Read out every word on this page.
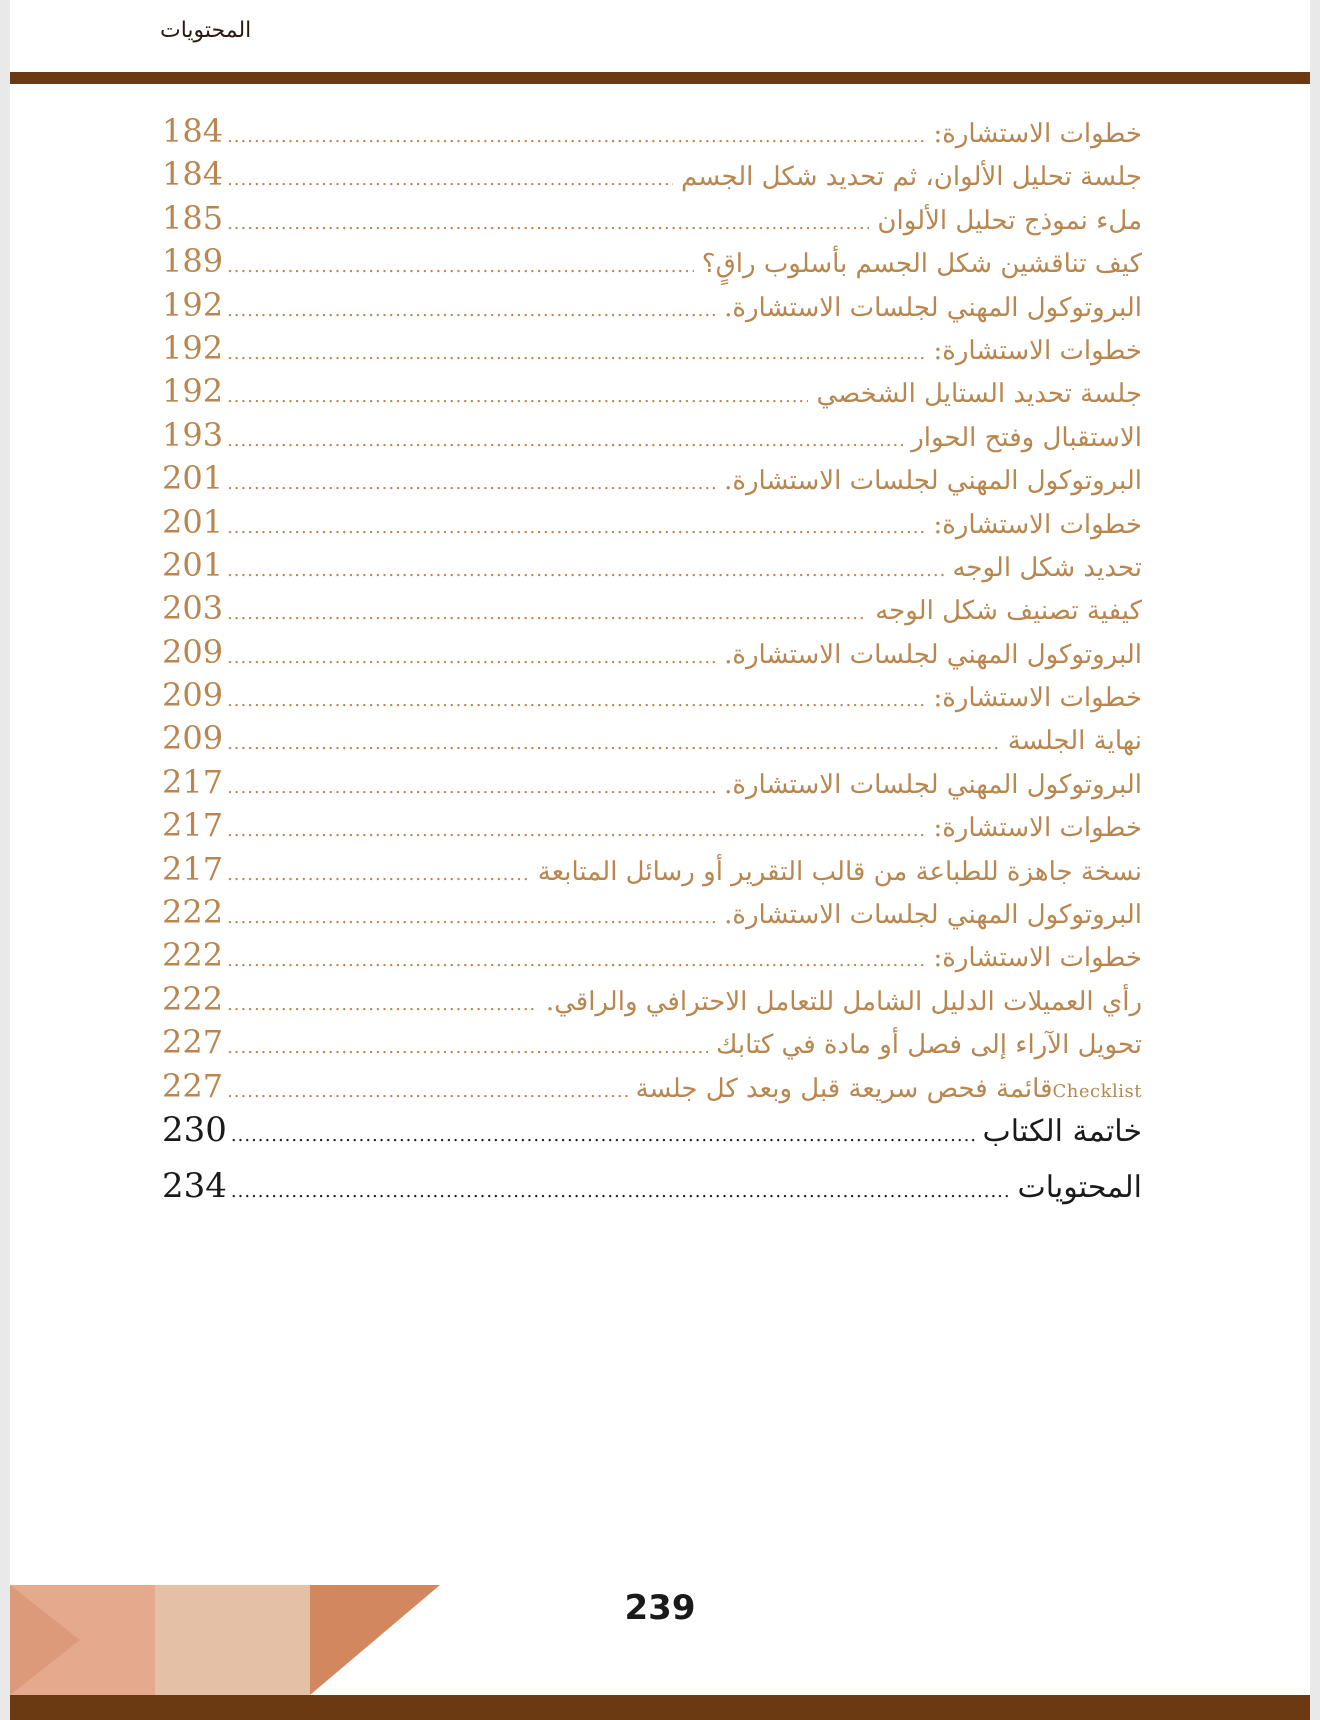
المحتويات
خطوات الاستشارة:
.....
184
جلسة تحليل الألوان، ثم تحديد شكل الجسم
.....
184
ملء نموذج تحليل الألوان
.....
185
كيف تناقشين شكل الجسم بأسلوب راقٍ؟
.....
189
البروتوكول المهني لجلسات الاستشارة.
.....
192
خطوات الاستشارة:
.....
192
جلسة تحديد الستايل الشخصي
.....
192
الاستقبال وفتح الحوار
.....
193
البروتوكول المهني لجلسات الاستشارة.
.....
201
خطوات الاستشارة:
.....
201
تحديد شكل الوجه
.....
201
كيفية تصنيف شكل الوجه
.....
203
البروتوكول المهني لجلسات الاستشارة.
.....
209
خطوات الاستشارة:
.....
209
نهاية الجلسة
.....
209
البروتوكول المهني لجلسات الاستشارة.
.....
217
خطوات الاستشارة:
.....
217
نسخة جاهزة للطباعة من قالب التقرير أو رسائل المتابعة
.....
217
البروتوكول المهني لجلسات الاستشارة.
.....
222
خطوات الاستشارة:
.....
222
رأي العميلات الدليل الشامل للتعامل الاحترافي والراقي.
.....
222
تحويل الآراء إلى فصل أو مادة في كتابك
.....
227
Checklistقائمة فحص سريعة قبل وبعد كل جلسة
.....
227
خاتمة الكتاب
.....
230
المحتويات
.....
234
239
